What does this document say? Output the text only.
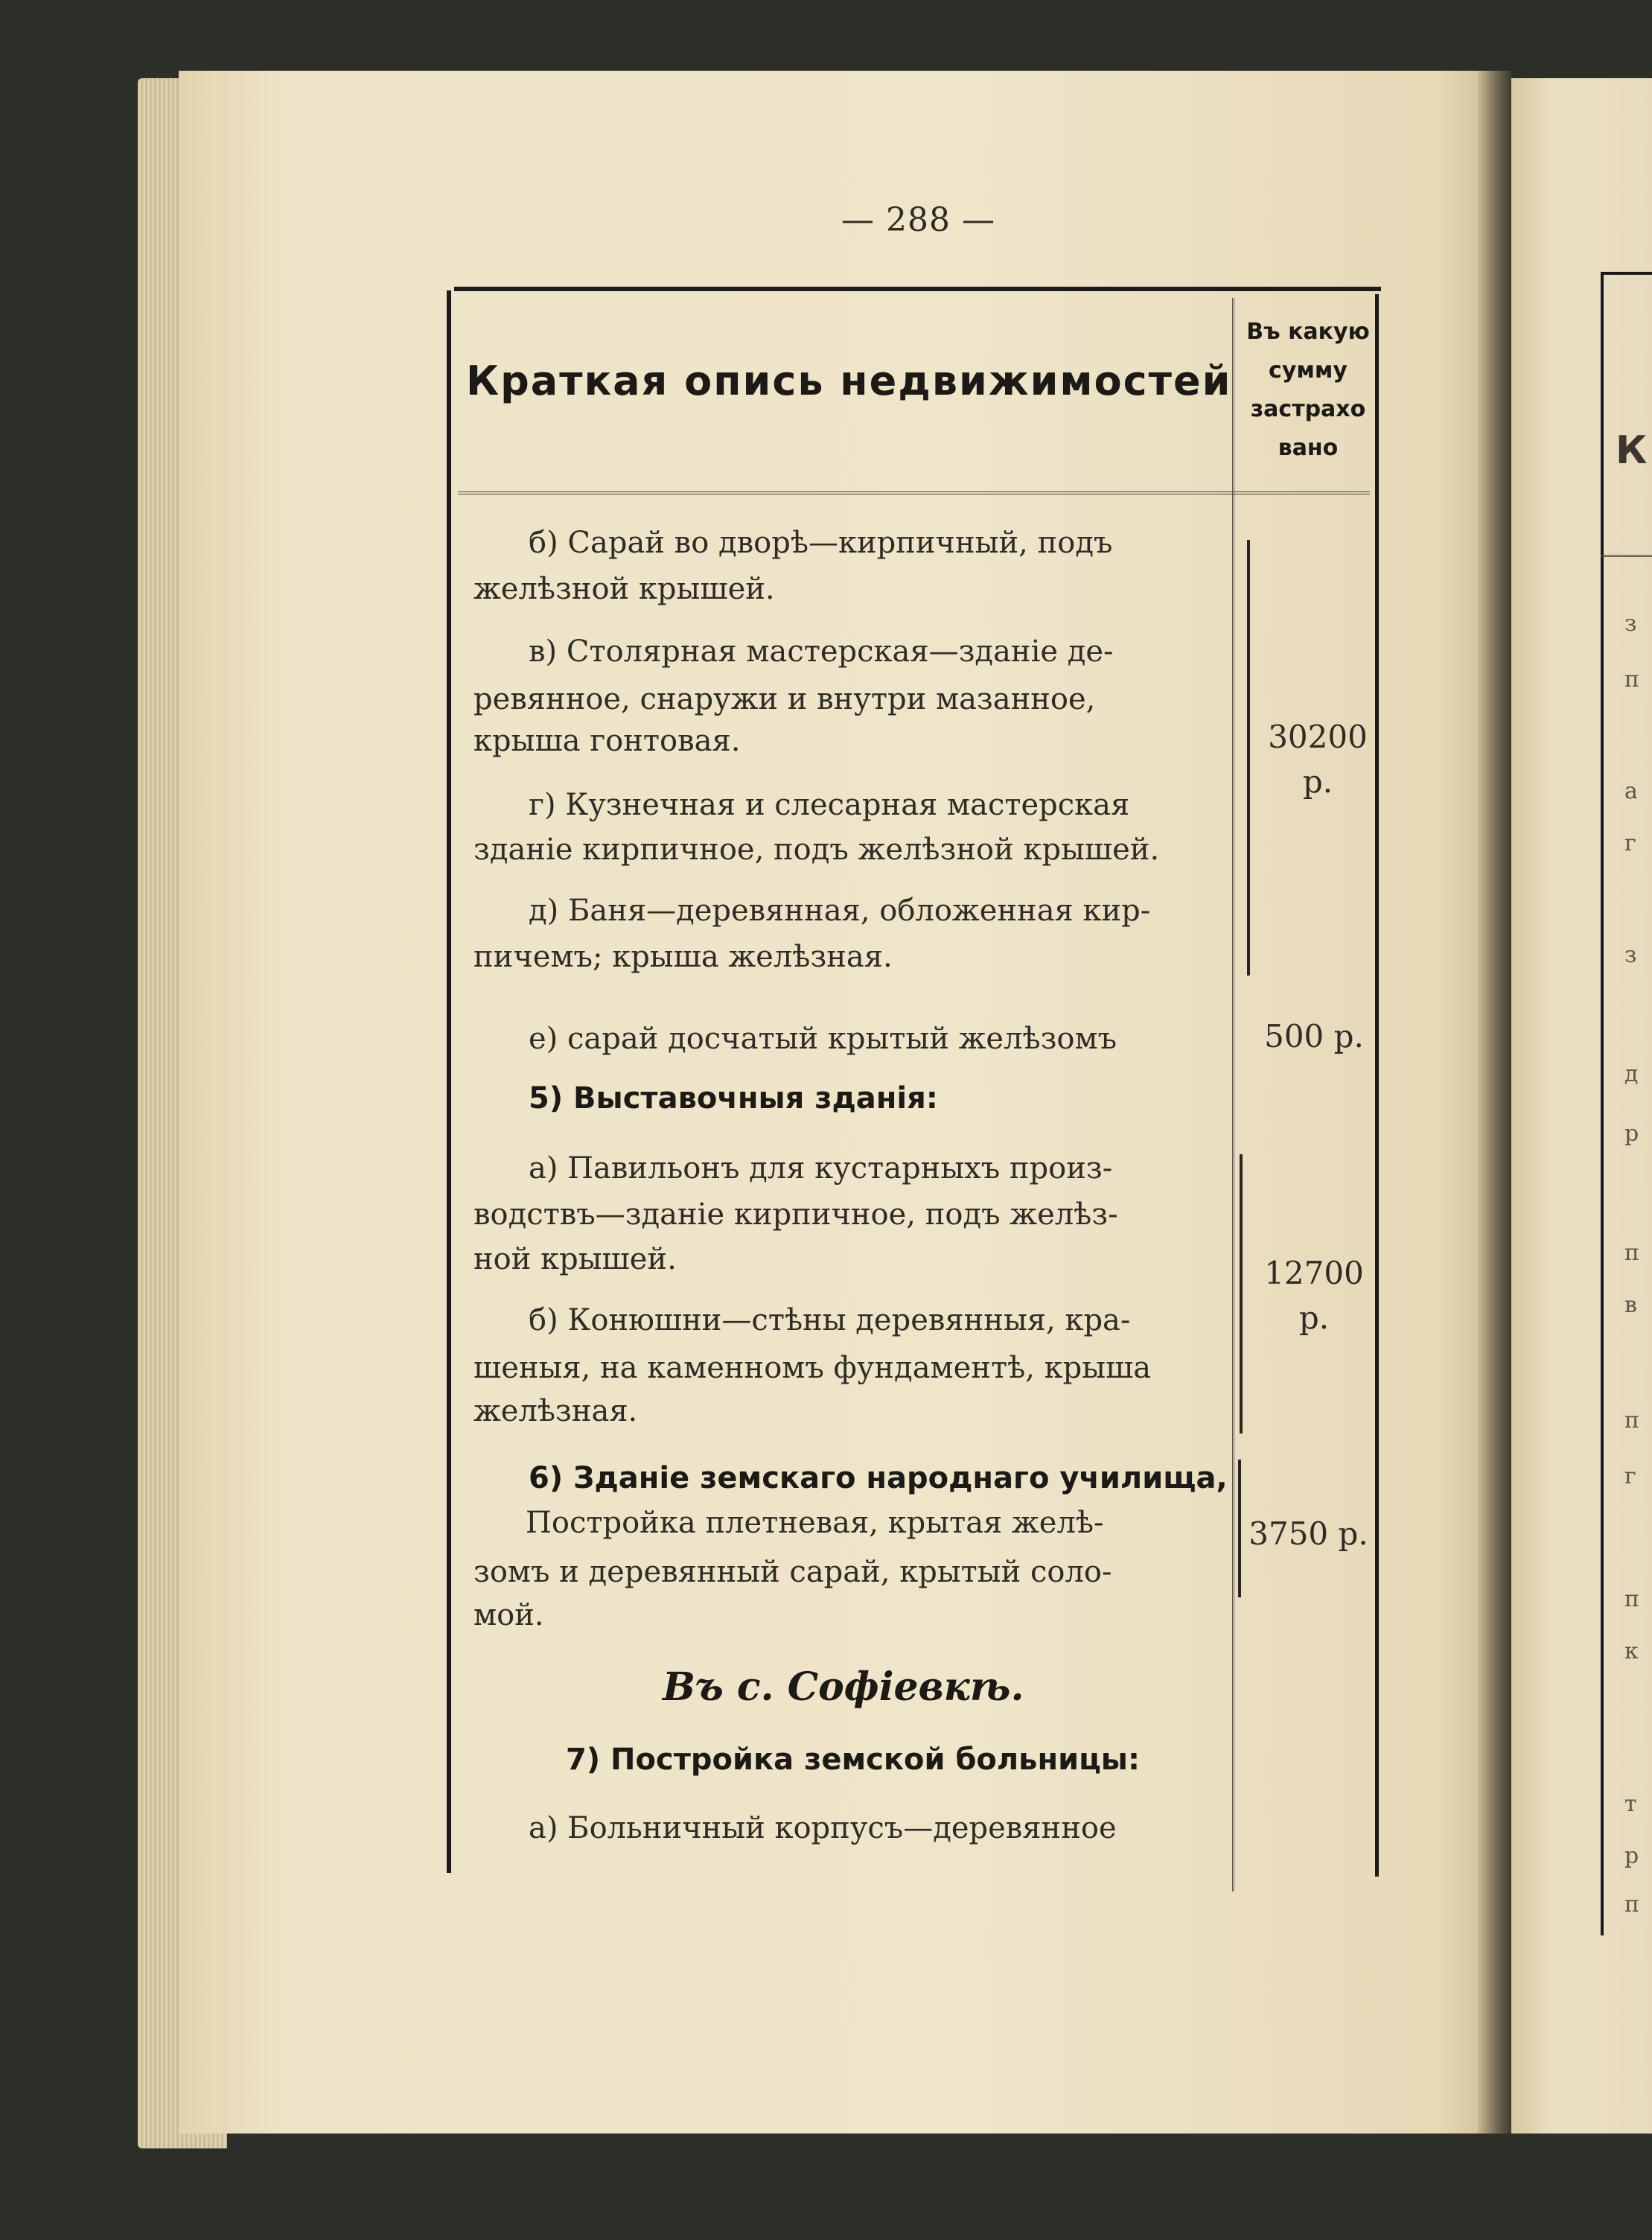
К
з
п
а
г
з
д
р
п
в
п
г
п
к
т
р
п
— 288 —
Краткая опись недвижимостей
Въ какую
сумму
застрахо
вано
б) Сарай во дворѣ—кирпичный, подъ
желѣзной крышей.
в) Столярная мастерская—зданіе де-
ревянное, снаружи и внутри мазанное,
крыша гонтовая.
г) Кузнечная и слесарная мастерская
зданіе кирпичное, подъ желѣзной крышей.
д) Баня—деревянная, обложенная кир-
пичемъ; крыша желѣзная.
е) сарай досчатый крытый желѣзомъ
5) Выставочныя зданія:
а) Павильонъ для кустарныхъ произ-
водствъ—зданіе кирпичное, подъ желѣз-
ной крышей.
б) Конюшни—стѣны деревянныя, кра-
шеныя, на каменномъ фундаментѣ, крыша
желѣзная.
6) Зданіе земскаго народнаго училища,
Постройка плетневая, крытая желѣ-
зомъ и деревянный сарай, крытый соло-
мой.
Въ с. Софіевкѣ.
7) Постройка земской больницы:
а) Больничный корпусъ—деревянное
30200
р.
500 р.
12700
р.
3750 р.
